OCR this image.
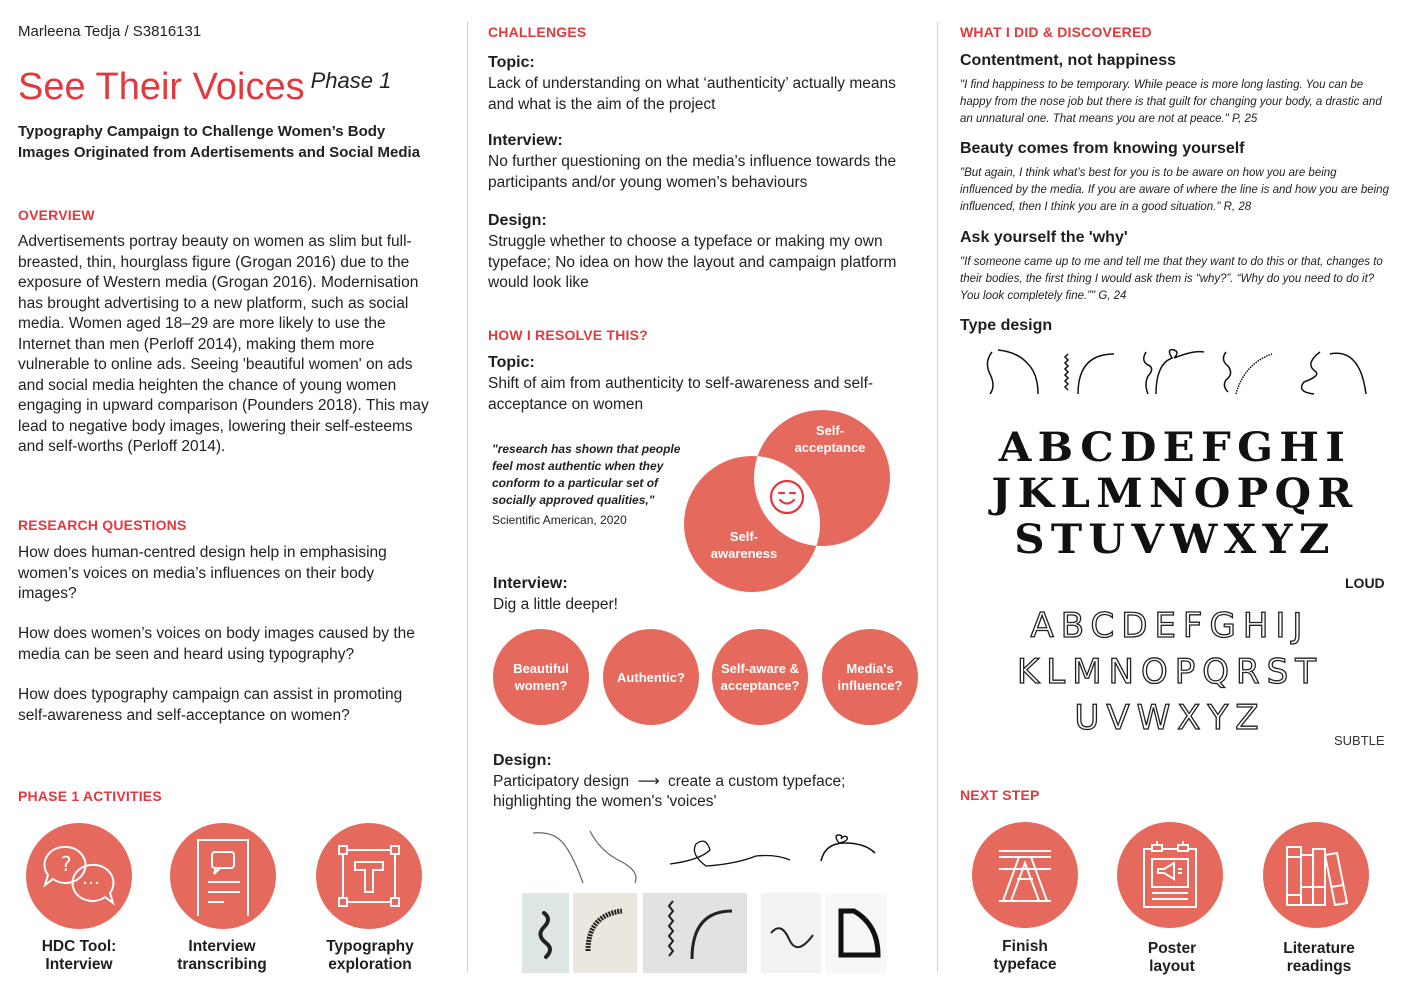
Marleena Tedja / S3816131
See Their Voices $^{Phase 1}$
Typography Campaign to Challenge Women’s Body Images Originated from Adertisements and Social Media
OVERVIEW
Advertisements portray beauty on women as slim but full-breasted, thin, hourglass figure (Grogan 2016) due to the exposure of Western media (Grogan 2016). Modernisation has brought advertising to a new platform, such as social media. Women aged 18–29 are more likely to use the Internet than men (Perloff 2014), making them more vulnerable to online ads. Seeing 'beautiful women' on ads and social media heighten the chance of young women engaging in upward comparison (Pounders 2018). This may lead to negative body images, lowering their self-esteems and self-worths (Perloff 2014).
RESEARCH QUESTIONS
How does human-centred design help in emphasising women’s voices on media’s influences on their body images?
How does women’s voices on body images caused by the media can be seen and heard using typography?
How does typography campaign can assist in promoting self-awareness and self-acceptance on women?
PHASE 1 ACTIVITIES
?
HDC Tool:
Interview
Interview
transcribing
Typography
exploration
CHALLENGES
Topic:
Lack of understanding on what ‘authenticity’ actually means and what is the aim of the project
Interview:
No further questioning on the media’s influence towards the participants and/or young women’s behaviours
Design:
Struggle whether to choose a typeface or making my own typeface; No idea on how the layout and campaign platform would look like
HOW I RESOLVE THIS?
Topic:
Shift of aim from authenticity to self-awareness and self-acceptance on women
"research has shown that people feel most authentic when they conform to a particular set of socially approved qualities,"
Scientific American, 2020
Self-
acceptance
Self-
awareness
Interview:
Dig a little deeper!
Beautiful
women?
Authentic?
Self-aware &
acceptance?
Media's
influence?
Design:
Participatory design ⟶ create a custom typeface;
highlighting the women's 'voices'
WHAT I DID & DISCOVERED
Contentment, not happiness
"I find happiness to be temporary. While peace is more long lasting. You can be happy from the nose job but there is that guilt for changing your body, a drastic and an unnatural one. That means you are not at peace." P, 25
Beauty comes from knowing yourself
"But again, I think what’s best for you is to be aware on how you are being influenced by the media. If you are aware of where the line is and how you are being influenced, then I think you are in a good situation." R, 28
Ask yourself the 'why'
"If someone came up to me and tell me that they want to do this or that, changes to their bodies, the first thing I would ask them is “why?”. “Why do you need to do it? You look completely fine.”" G, 24
Type design
ABCDEFGHI
JKLMNOPQR
STUVWXYZ
LOUD
ABCDEFGHIJ
KLMNOPQRST
UVWXYZ
SUBTLE
NEXT STEP
Finish
typeface
Poster
layout
Literature
readings
